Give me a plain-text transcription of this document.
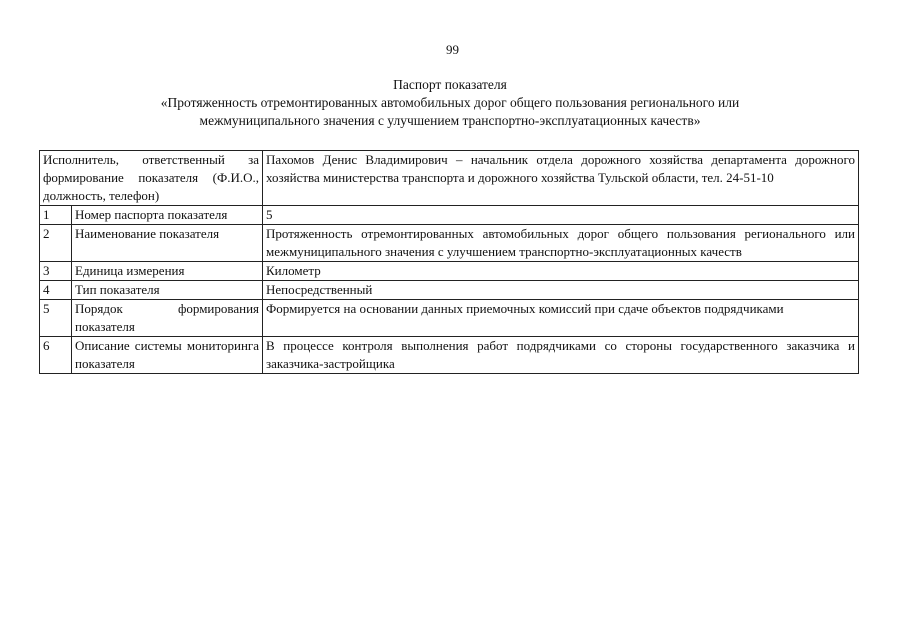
99
Паспорт показателя
«Протяженность отремонтированных автомобильных дорог общего пользования регионального или
межмуниципального значения с улучшением транспортно-эксплуатационных качеств»
Исполнитель, ответственный за формирование показателя (Ф.И.О., должность, телефон)		Пахомов Денис Владимирович – начальник отдела дорожного хозяйства департамента дорожного хозяйства министерства транспорта и дорожного хозяйства Тульской области, тел. 24-51-10
1	Номер паспорта показателя	5
2	Наименование показателя	Протяженность отремонтированных автомобильных дорог общего пользования регионального или межмуниципального значения с улучшением транспортно-эксплуатационных качеств
3	Единица измерения	Километр
4	Тип показателя	Непосредственный
5	Порядок формирования показателя	Формируется на основании данных приемочных комиссий при сдаче объектов подрядчиками
6	Описание системы мониторинга показателя	В процессе контроля выполнения работ подрядчиками со стороны государственного заказчика и заказчика-застройщика
